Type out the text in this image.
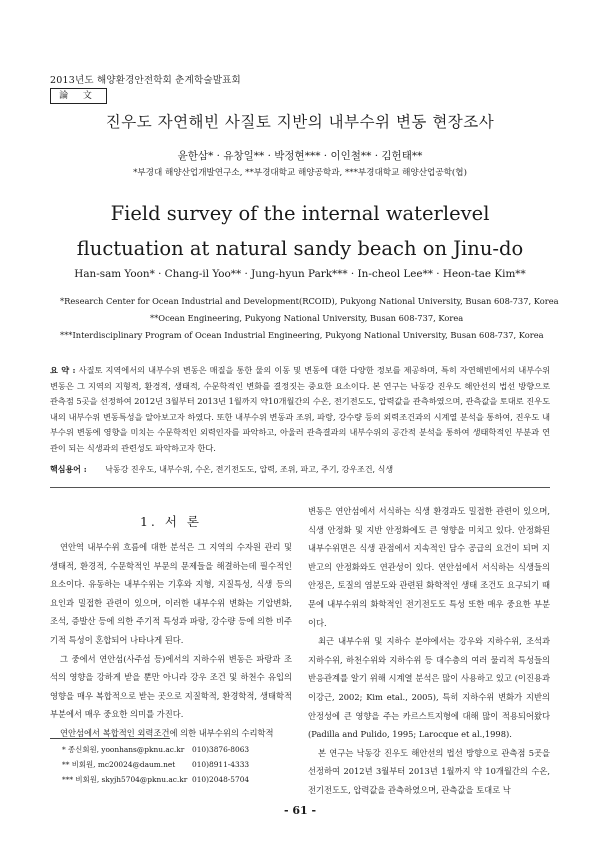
2013년도 해양환경안전학회 춘계학술발표회
論 文
진우도 자연해빈 사질토 지반의 내부수위 변동 현장조사
윤한삼* · 유창일** · 박정현*** · 이인철** · 김헌태**
*부경대 해양산업개발연구소, **부경대학교 해양공학과, ***부경대학교 해양산업공학(협)
Field survey of the internal waterlevel fluctuation at natural sandy beach on Jinu-do
Han-sam Yoon* · Chang-il Yoo** · Jung-hyun Park*** · In-cheol Lee** · Heon-tae Kim**
*Research Center for Ocean Industrial and Development(RCOID), Pukyong National University, Busan 608-737, Korea
**Ocean Engineering, Pukyong National University, Busan 608-737, Korea
***Interdisciplinary Program of Ocean Industrial Engineering, Pukyong National University, Busan 608-737, Korea
요 약 : 사질토 지역에서의 내부수위 변동은 매질을 통한 물의 이동 및 변동에 대한 다양한 정보를 제공하며, 특히 자연해빈에서의 내부수위 변동은 그 지역의 지형적, 환경적, 생태적, 수문학적인 변화를 결정짓는 중요한 요소이다. 본 연구는 낙동강 진우도 해안선의 법선 방향으로 관측점 5곳을 선정하여 2012년 3월부터 2013년 1월까지 약10개월간의 수온, 전기전도도, 압력값을 관측하였으며, 관측값을 토대로 진우도 내의 내부수위 변동특성을 알아보고자 하였다. 또한 내부수위 변동과 조위, 파랑, 강수량 등의 외력조건과의 시계열 분석을 통하여, 진우도 내부수위 변동에 영향을 미치는 수문학적인 외력인자를 파악하고, 아울러 관측결과의 내부수위의 공간적 분석을 통하여 생태학적인 부분과 연관이 되는 식생과의 관련성도 파악하고자 한다.
핵심용어 : 낙동강 진우도, 내부수위, 수온, 전기전도도, 압력, 조위, 파고, 주기, 강우조건, 식생
1. 서 론

연안역 내부수위 흐름에 대한 분석은 그 지역의 수자원 관리 및 생태적, 환경적, 수문학적인 부문의 문제들을 해결하는데 필수적인 요소이다. 유동하는 내부수위는 기후와 지형, 지질특성, 식생 등의 요인과 밀접한 관련이 있으며, 이러한 내부수위 변화는 기압변화, 조석, 증발산 등에 의한 주기적 특성과 파랑, 강수량 등에 의한 비주기적 특성이 혼합되어 나타나게 된다.

그 중에서 연안섬(사주섬 등)에서의 지하수위 변동은 파랑과 조석의 영향을 강하게 받을 뿐만 아니라 강우 조건 및 하천수 유입의 영향을 매우 복합적으로 받는 곳으로 지질학적, 환경학적, 생태학적 부분에서 매우 중요한 의미를 가진다.

연안섬에서 복합적인 외력조건에 의한 내부수위의 수리학적

변동은 연안섬에서 서식하는 식생 환경과도 밀접한 관련이 있으며, 식생 안정화 및 지반 안정화에도 큰 영향을 미치고 있다. 안정화된 내부수위면은 식생 관점에서 지속적인 담수 공급의 요건이 되며 지반고의 안정화와도 연관성이 있다. 연안섬에서 서식하는 식생들의 안정은, 토질의 염분도와 관련된 화학적인 생태 조건도 요구되기 때문에 내부수위의 화학적인 전기전도도 특성 또한 매우 중요한 부분이다.

최근 내부수위 및 지하수 분야에서는 강우와 지하수위, 조석과 지하수위, 하천수위와 지하수위 등 대수층의 여러 물리적 특성들의 반응관계를 알기 위해 시계열 분석은 많이 사용하고 있고 (이진용과 이강근, 2002; Kim etal., 2005), 특히 지하수위 변화가 지반의 안정성에 큰 영향을 주는 카르스트지형에 대해 많이 적용되어왔다(Padilla and Pulido, 1995; Larocque et al.,1998).

본 연구는 낙동강 진우도 해안선의 법선 방향으로 관측점 5곳을 선정하여 2012년 3월부터 2013년 1월까지 약 10개월간의 수온, 전기전도도, 압력값을 관측하였으며, 관측값을 토대로 낙

* 종신회원, yoonhans@pknu.ac.kr	010)3876-8063
** 비회원, mc20024@daum.net	010)8911-4333
*** 비회원, skyjh5704@pknu.ac.kr 010)2048-5704
- 61 -
